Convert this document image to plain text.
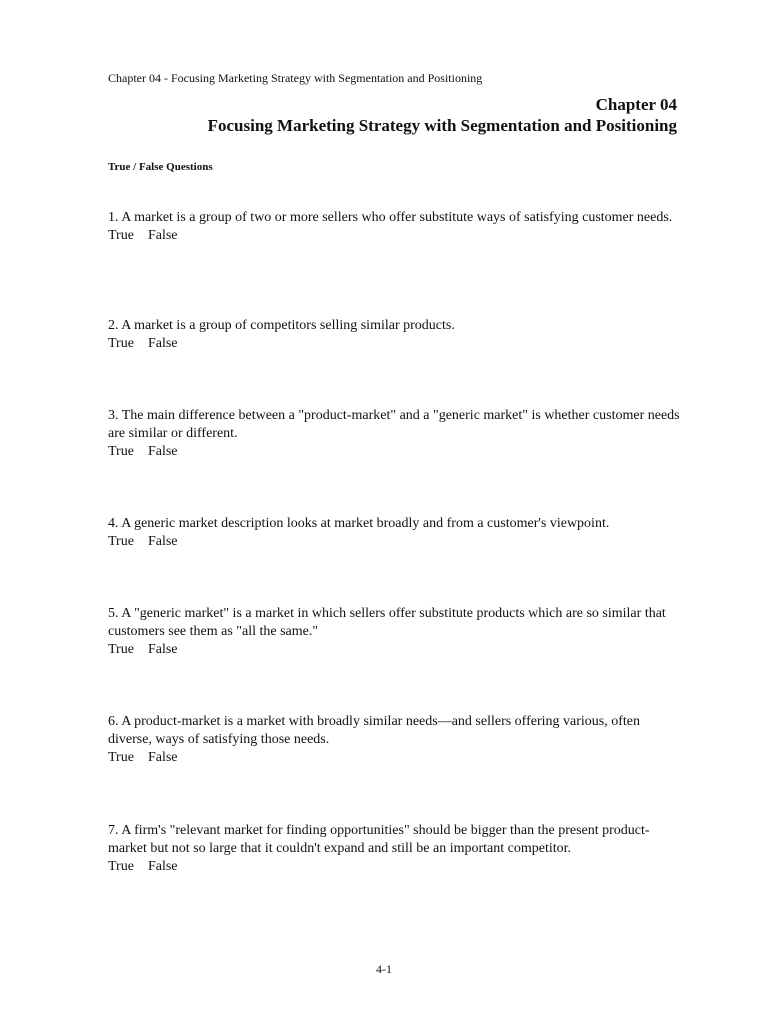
Chapter 04 - Focusing Marketing Strategy with Segmentation and Positioning
Chapter 04
Focusing Marketing Strategy with Segmentation and Positioning
True / False Questions

1. A market is a group of two or more sellers who offer substitute ways of satisfying customer needs.

True False

2. A market is a group of competitors selling similar products.

True False

3. The main difference between a "product-market" and a "generic market" is whether customer needs are similar or different.

True False

4. A generic market description looks at market broadly and from a customer's viewpoint.

True False

5. A "generic market" is a market in which sellers offer substitute products which are so similar that customers see them as "all the same."

True False

6. A product-market is a market with broadly similar needs—and sellers offering various, often diverse, ways of satisfying those needs.

True False

7. A firm's "relevant market for finding opportunities" should be bigger than the present product-market but not so large that it couldn't expand and still be an important competitor.

True False
4-1
